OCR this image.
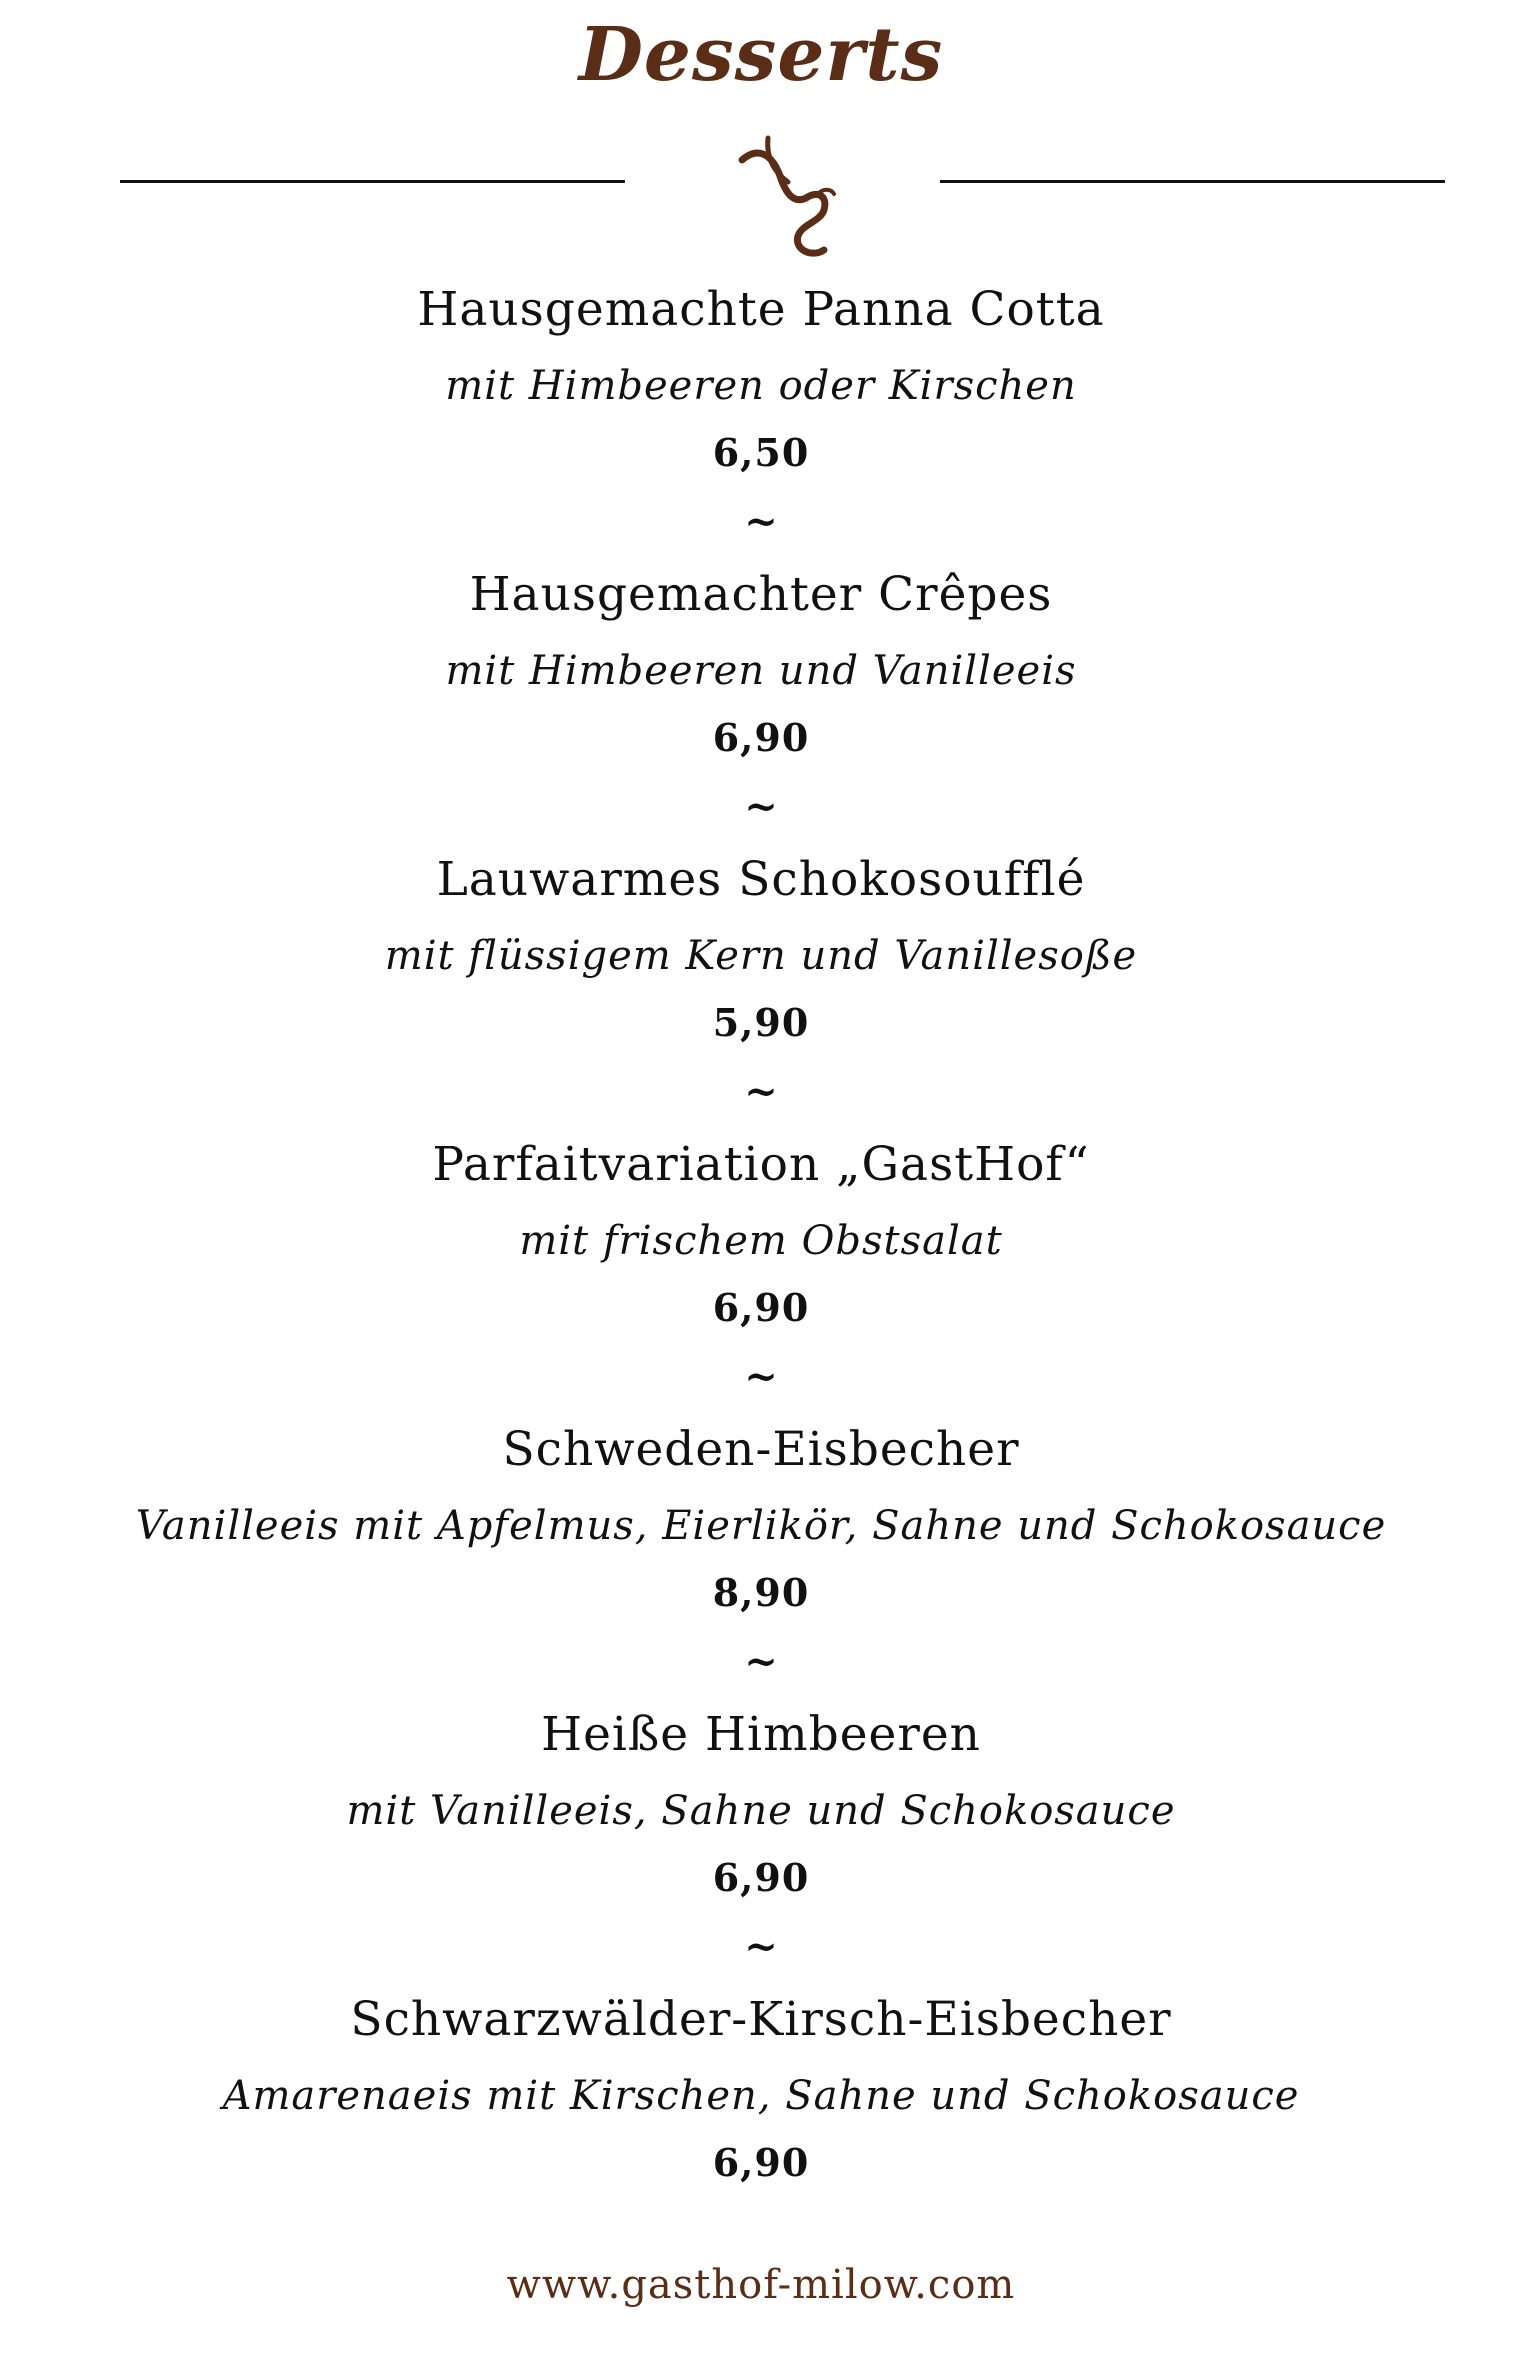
Desserts
Hausgemachte Panna Cotta
mit Himbeeren oder Kirschen
6,50
~
Hausgemachter Crêpes
mit Himbeeren und Vanilleeis
6,90
~
Lauwarmes Schokosoufflé
mit flüssigem Kern und Vanillesoße
5,90
~
Parfaitvariation „GastHof“
mit frischem Obstsalat
6,90
~
Schweden-Eisbecher
Vanilleeis mit Apfelmus, Eierlikör, Sahne und Schokosauce
8,90
~
Heiße Himbeeren
mit Vanilleeis, Sahne und Schokosauce
6,90
~
Schwarzwälder-Kirsch-Eisbecher
Amarenaeis mit Kirschen, Sahne und Schokosauce
6,90
www.gasthof-milow.com
